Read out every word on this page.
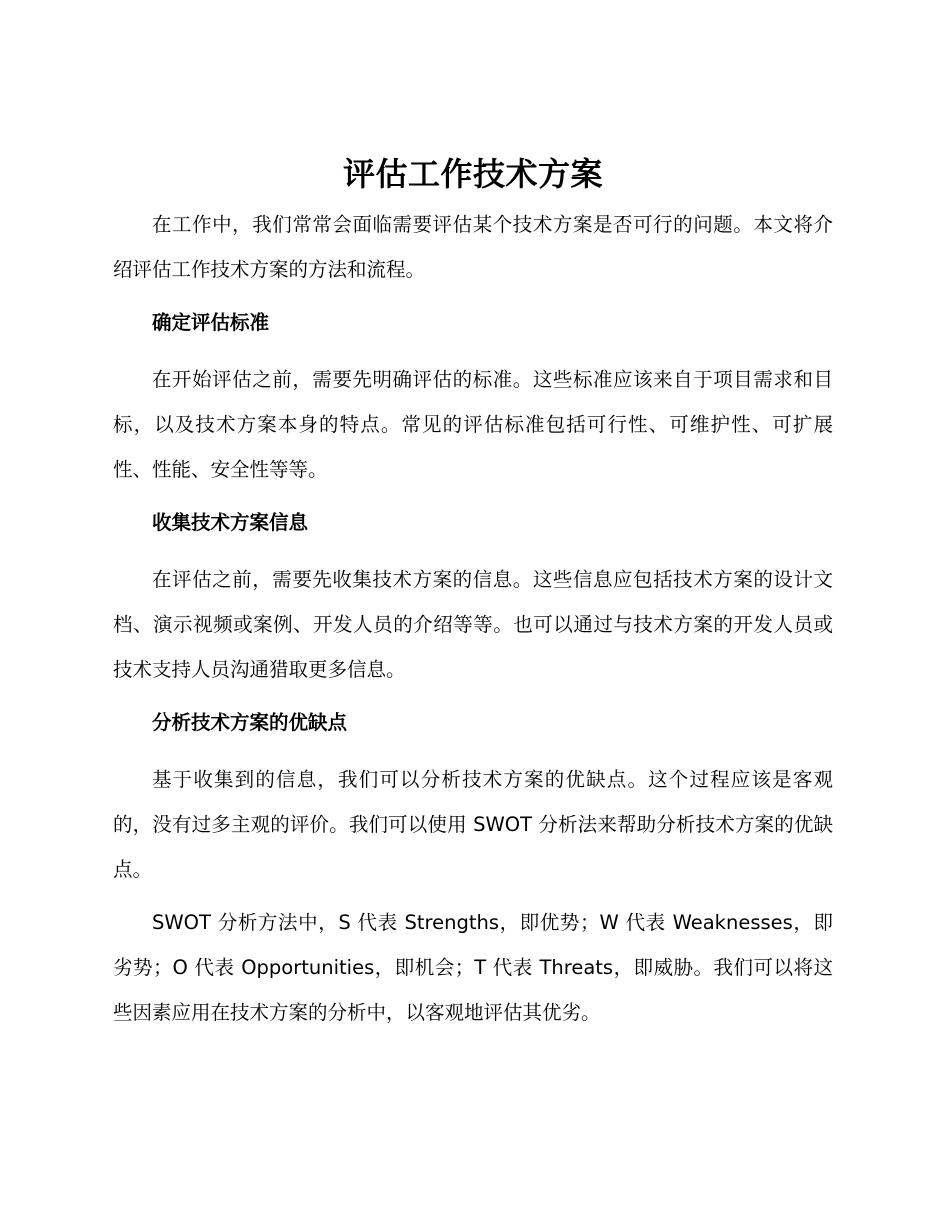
评估工作技术方案

在工作中，我们常常会面临需要评估某个技术方案是否可行的问题。本文将介绍评估工作技术方案的方法和流程。

确定评估标准

在开始评估之前，需要先明确评估的标准。这些标准应该来自于项目需求和目标，以及技术方案本身的特点。常见的评估标准包括可行性、可维护性、可扩展性、性能、安全性等等。

收集技术方案信息

在评估之前，需要先收集技术方案的信息。这些信息应包括技术方案的设计文档、演示视频或案例、开发人员的介绍等等。也可以通过与技术方案的开发人员或技术支持人员沟通猎取更多信息。

分析技术方案的优缺点

基于收集到的信息，我们可以分析技术方案的优缺点。这个过程应该是客观的，没有过多主观的评价。我们可以使用 SWOT 分析法来帮助分析技术方案的优缺点。

SWOT 分析方法中，S 代表 Strengths，即优势；W 代表 Weaknesses，即劣势；O 代表 Opportunities，即机会；T 代表 Threats，即威胁。我们可以将这些因素应用在技术方案的分析中，以客观地评估其优劣。
